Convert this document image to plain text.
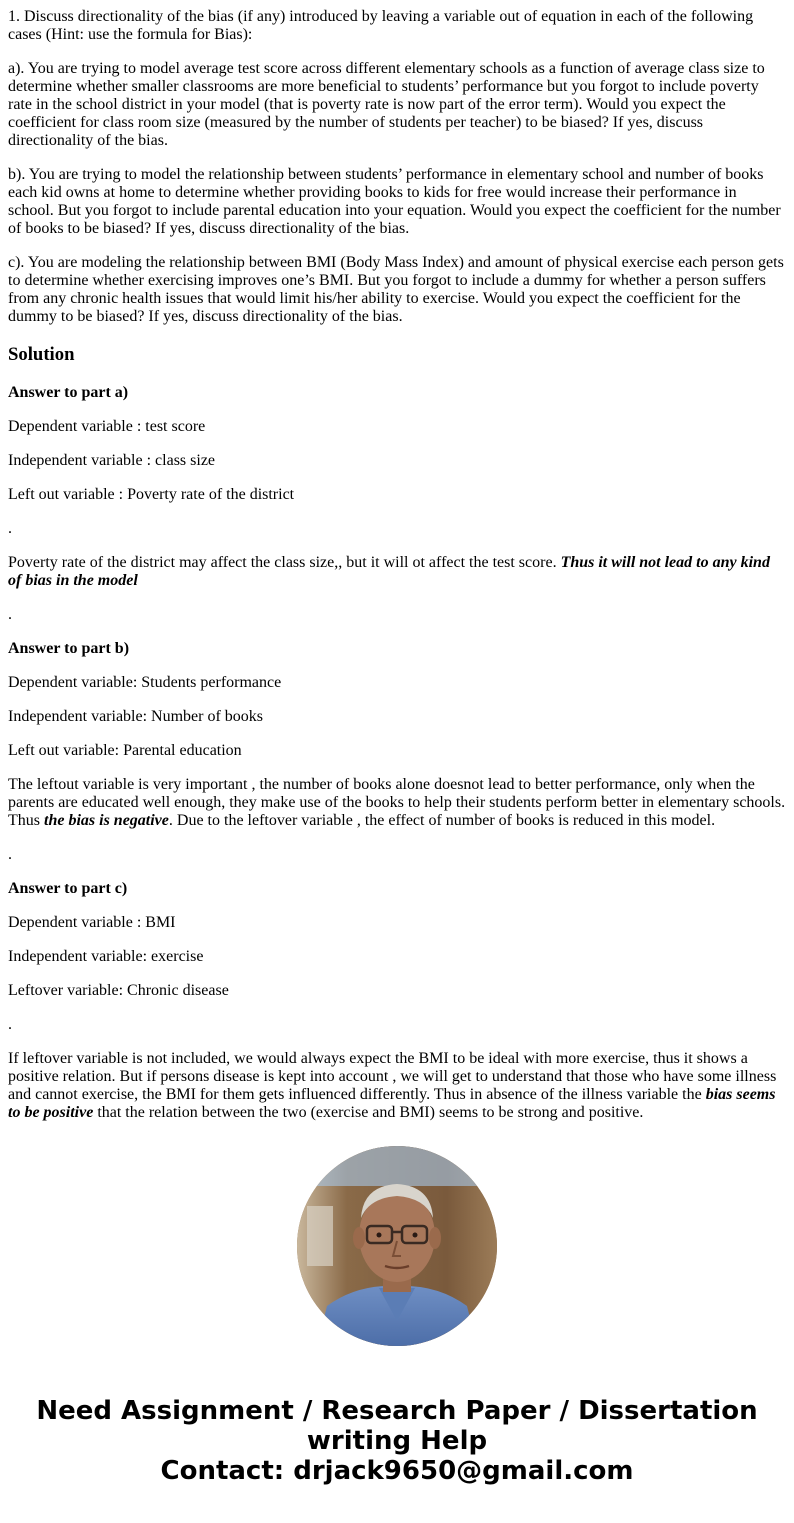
1. Discuss directionality of the bias (if any) introduced by leaving a variable out of equation in each of the following cases (Hint: use the formula for Bias):

a). You are trying to model average test score across different elementary schools as a function of average class size to determine whether smaller classrooms are more beneficial to students’ performance but you forgot to include poverty rate in the school district in your model (that is poverty rate is now part of the error term). Would you expect the coefficient for class room size (measured by the number of students per teacher) to be biased? If yes, discuss directionality of the bias.

b). You are trying to model the relationship between students’ performance in elementary school and number of books each kid owns at home to determine whether providing books to kids for free would increase their performance in school. But you forgot to include parental education into your equation. Would you expect the coefficient for the number of books to be biased? If yes, discuss directionality of the bias.

c). You are modeling the relationship between BMI (Body Mass Index) and amount of physical exercise each person gets to determine whether exercising improves one’s BMI. But you forgot to include a dummy for whether a person suffers from any chronic health issues that would limit his/her ability to exercise. Would you expect the coefficient for the dummy to be biased? If yes, discuss directionality of the bias.

Solution

Answer to part a)

Dependent variable : test score

Independent variable : class size

Left out variable : Poverty rate of the district

.

Poverty rate of the district may affect the class size,, but it will ot affect the test score. Thus it will not lead to any kind of bias in the model

.

Answer to part b)

Dependent variable: Students performance

Independent variable: Number of books

Left out variable: Parental education

The leftout variable is very important , the number of books alone doesnot lead to better performance, only when the parents are educated well enough, they make use of the books to help their students perform better in elementary schools. Thus the bias is negative. Due to the leftover variable , the effect of number of books is reduced in this model.

.

Answer to part c)

Dependent variable : BMI

Independent variable: exercise

Leftover variable: Chronic disease

.

If leftover variable is not included, we would always expect the BMI to be ideal with more exercise, thus it shows a positive relation. But if persons disease is kept into account , we will get to understand that those who have some illness and cannot exercise, the BMI for them gets influenced differently. Thus in absence of the illness variable the bias seems to be positive that the relation between the two (exercise and BMI) seems to be strong and positive.

Need Assignment / Research Paper / Dissertation
writing Help
Contact: drjack9650@gmail.com
